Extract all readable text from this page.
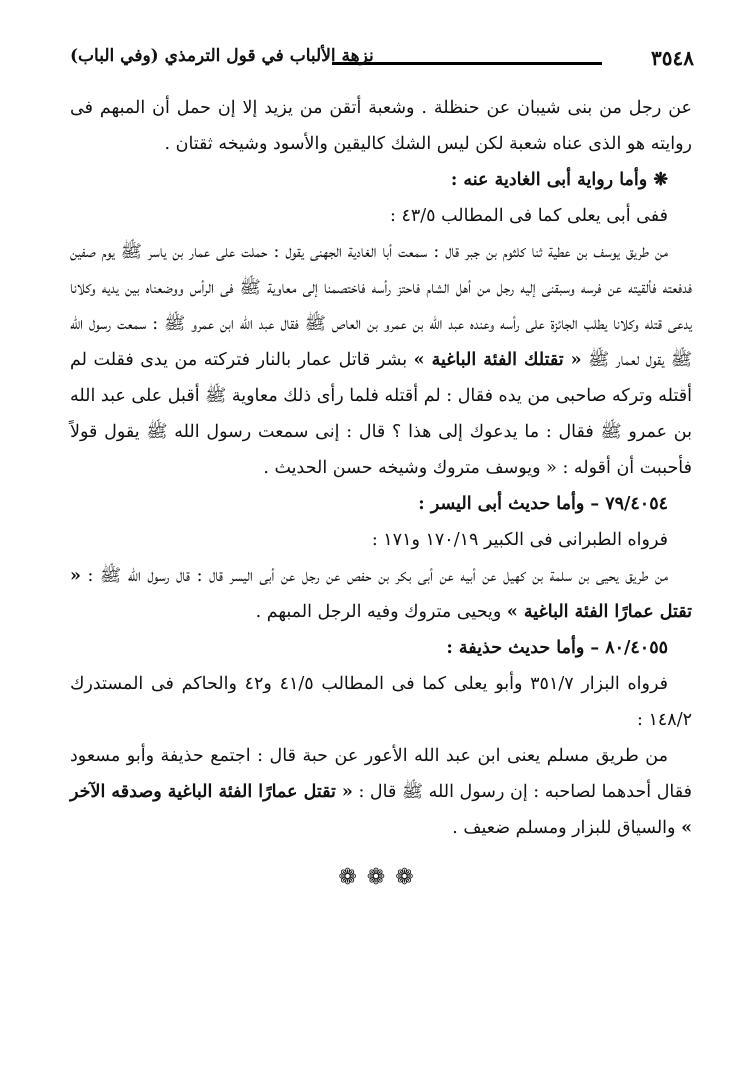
٣٥٤٨
نزهة الألباب في قول الترمذي (وفي الباب)

عن رجل من بنى شيبان عن حنظلة . وشعبة أتقن من يزيد إلا إن حمل أن المبهم فى روايته هو الذى عناه شعبة لكن ليس الشك كاليقين والأسود وشيخه ثقتان .

❋ وأما رواية أبى الغادية عنه :

ففى أبى يعلى كما فى المطالب ٤٣/٥ :

من طريق يوسف بن عطية ثنا كلثوم بن جبر قال : سمعت أبا الغادية الجهنى يقول : حملت على عمار بن ياسر ﷺ يوم صفين فدفعته فألقيته عن فرسه وسبقنى إليه رجل من أهل الشام فاحتز رأسه فاختصمنا إلى معاوية ﷺ فى الرأس ووضعناه بين يديه وكلانا يدعى قتله وكلانا يطلب الجائزة على رأسه وعنده عبد الله بن عمرو بن العاص ﷺ فقال عبد الله ابن عمرو ﷺ : سمعت رسول الله ﷺ يقول لعمار ﷺ « تقتلك الفئة الباغية » بشر قاتل عمار بالنار فتركته من يدى فقلت لم أقتله وتركه صاحبى من يده فقال : لم أقتله فلما رأى ذلك معاوية ﷺ أقبل على عبد الله بن عمرو ﷺ فقال : ما يدعوك إلى هذا ؟ قال : إنى سمعت رسول الله ﷺ يقول قولاً فأحببت أن أقوله : « ويوسف متروك وشيخه حسن الحديث .

٧٩/٤٠٥٤ – وأما حديث أبى اليسر :

فرواه الطبرانى فى الكبير ١٧٠/١٩ و١٧١ :

من طريق يحيى بن سلمة بن كهيل عن أبيه عن أبى بكر بن حفص عن رجل عن أبى اليسر قال : قال رسول الله ﷺ : « تقتل عمارًا الفئة الباغية » ويحيى متروك وفيه الرجل المبهم .

٨٠/٤٠٥٥ – وأما حديث حذيفة :

فرواه البزار ٣٥١/٧ وأبو يعلى كما فى المطالب ٤١/٥ و٤٢ والحاكم فى المستدرك ١٤٨/٢ :

من طريق مسلم يعنى ابن عبد الله الأعور عن حبة قال : اجتمع حذيفة وأبو مسعود فقال أحدهما لصاحبه : إن رسول الله ﷺ قال : « تقتل عمارًا الفئة الباغية وصدقه الآخر » والسياق للبزار ومسلم ضعيف .

❁❁❁
